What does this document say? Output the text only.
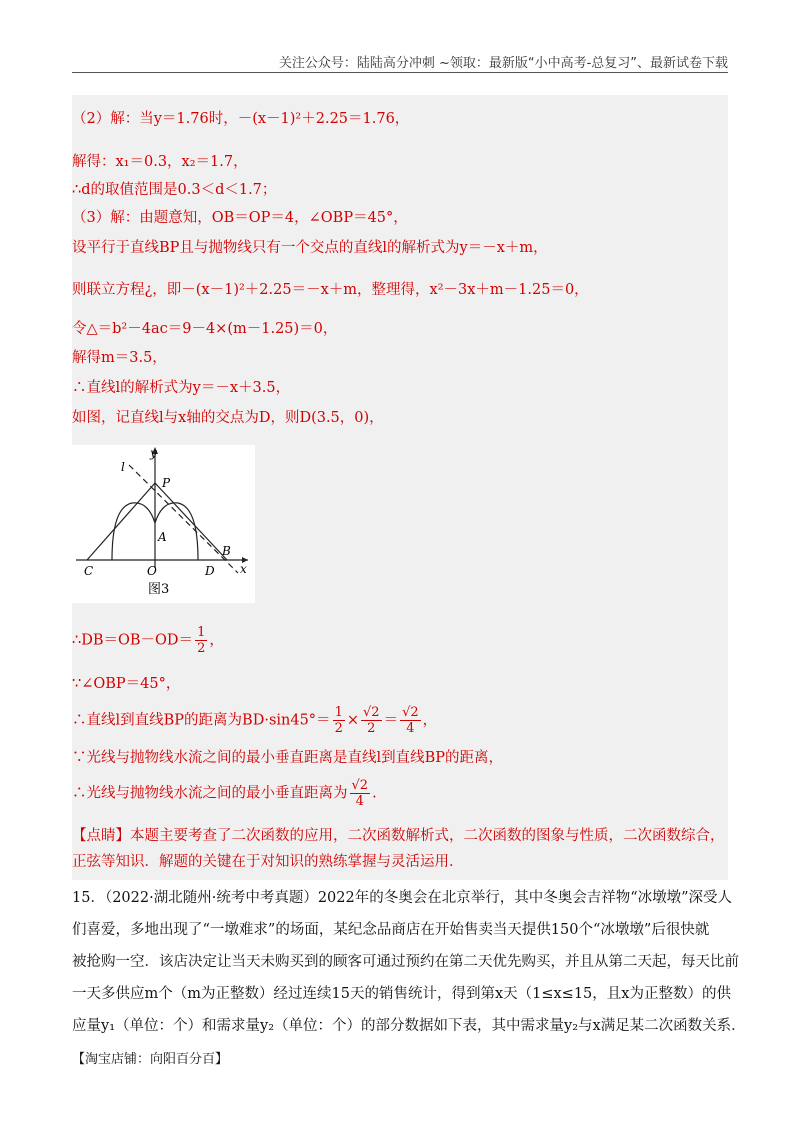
关注公众号：陆陆高分冲刺 ~领取：最新版“小中高考-总复习”、最新试卷下载
（2）解：当y＝1.76时，－(x－1)²＋2.25＝1.76，
解得：x₁＝0.3，x₂＝1.7，
∴d的取值范围是0.3＜d＜1.7；
（3）解：由题意知，OB＝OP＝4，∠OBP＝45°，
设平行于直线BP且与抛物线只有一个交点的直线l的解析式为y＝－x＋m，
则联立方程¿，即－(x－1)²＋2.25＝－x＋m，整理得，x²－3x＋m－1.25＝0，
令△＝b²－4ac＝9－4×(m－1.25)＝0，
解得m＝3.5，
∴直线l的解析式为y＝－x＋3.5，
如图，记直线l与x轴的交点为D，则D(3.5，0)，
y
l
P
A
B
C	O	D x
图3
∴DB＝OB－OD＝ $\frac{1}{2}$ ，
∵∠OBP＝45°，
∴直线l到直线BP的距离为$BD\cdot\sin 45^\circ= \frac{1}{2} \times \frac{√2}{2} = \frac{√2}{4}$ ，
∵光线与抛物线水流之间的最小垂直距离是直线l到直线BP的距离，
∴光线与抛物线水流之间的最小垂直距离为 $\frac{√2}{4}$ .
【点睛】本题主要考查了二次函数的应用，二次函数解析式，二次函数的图象与性质，二次函数综合，正弦等知识．解题的关键在于对知识的熟练掌握与灵活运用．
15．（2022·湖北随州·统考中考真题）2022年的冬奥会在北京举行，其中冬奥会吉祥物“冰墩墩”深受人
们喜爱，多地出现了“一墩难求”的场面，某纪念品商店在开始售卖当天提供150个“冰墩墩”后很快就
被抢购一空．该店决定让当天未购买到的顾客可通过预约在第二天优先购买，并且从第二天起，每天比前
一天多供应m个（m为正整数）经过连续15天的销售统计，得到第x天（1≤x≤15，且x为正整数）的供
应量y₁（单位：个）和需求量y₂（单位：个）的部分数据如下表，其中需求量y₂与x满足某二次函数关系．
【淘宝店铺：向阳百分百】
